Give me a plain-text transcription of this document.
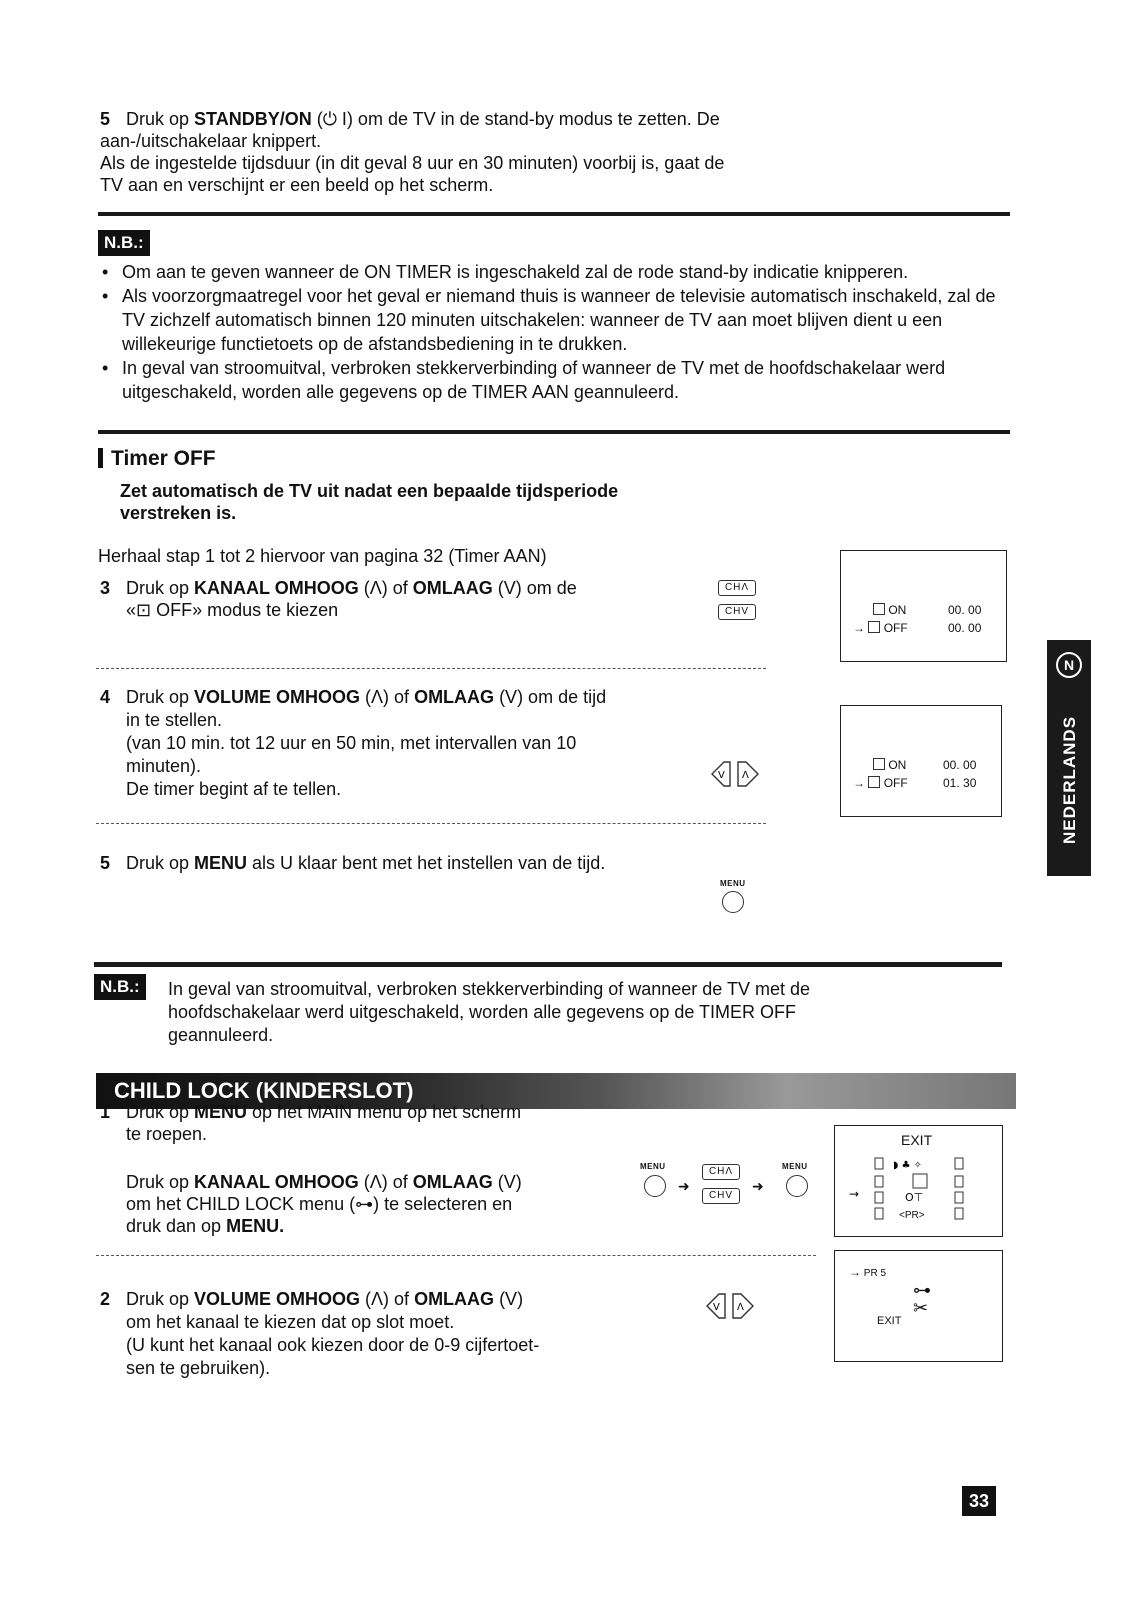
5 Druk op STANDBY/ON (⏻ I) om de TV in de stand-by modus te zetten. De
aan-/uitschakelaar knippert.
Als de ingestelde tijdsduur (in dit geval 8 uur en 30 minuten) voorbij is, gaat de
TV aan en verschijnt er een beeld op het scherm.
N.B.:
• Om aan te geven wanneer de ON TIMER is ingeschakeld zal de rode stand-by indicatie knipperen.
• Als voorzorgmaatregel voor het geval er niemand thuis is wanneer de televisie automatisch inschakeld, zal de TV zichzelf automatisch binnen 120 minuten uitschakelen: wanneer de TV aan moet blijven dient u een willekeurige functietoets op de afstandsbediening in te drukken.
• In geval van stroomuitval, verbroken stekkerverbinding of wanneer de TV met de hoofdschakelaar werd uitgeschakeld, worden alle gegevens op de TIMER AAN geannuleerd.
Timer OFF
Zet automatisch de TV uit nadat een bepaalde tijdsperiode
verstreken is.
Herhaal stap 1 tot 2 hiervoor van pagina 32 (Timer AAN)
3 Druk op KANAAL OMHOOG (Λ) of OMLAAG (V) om de
«⊡ OFF» modus te kiezen
CHΛ
CHV	ON	00. 00
→ OFF	00. 00
4 Druk op VOLUME OMHOOG (Λ) of OMLAAG (V) om de tijd
in te stellen.
(van 10 min. tot 12 uur en 50 min, met intervallen van 10
minuten).
De timer begint af te tellen.
V Λ
ON	00. 00
→ OFF	01. 30
5 Druk op MENU als U klaar bent met het instellen van de tijd.
MENU
N.B.:	In geval van stroomuitval, verbroken stekkerverbinding of wanneer de TV met de
hoofdschakelaar werd uitgeschakeld, worden alle gegevens op de TIMER OFF
geannuleerd.
CHILD LOCK (KINDERSLOT)
1 Druk op MENU op het MAIN menu op het scherm
te roepen.
Druk op KANAAL OMHOOG (Λ) of OMLAAG (V)
om het CHILD LOCK menu (⊶) te selecteren en
druk dan op MENU.
MENU
➜
CHΛ
CHV
➜
MENU
EXIT
◗ ♣ ✧
→	O⊤
<PR>
2 Druk op VOLUME OMHOOG (Λ) of OMLAAG (V)
om het kanaal te kiezen dat op slot moet.
(U kunt het kanaal ook kiezen door de 0-9 cijfertoet-
sen te gebruiken).
V Λ
→ PR 5
⊶
✂
EXIT
N
NEDERLANDS
33
